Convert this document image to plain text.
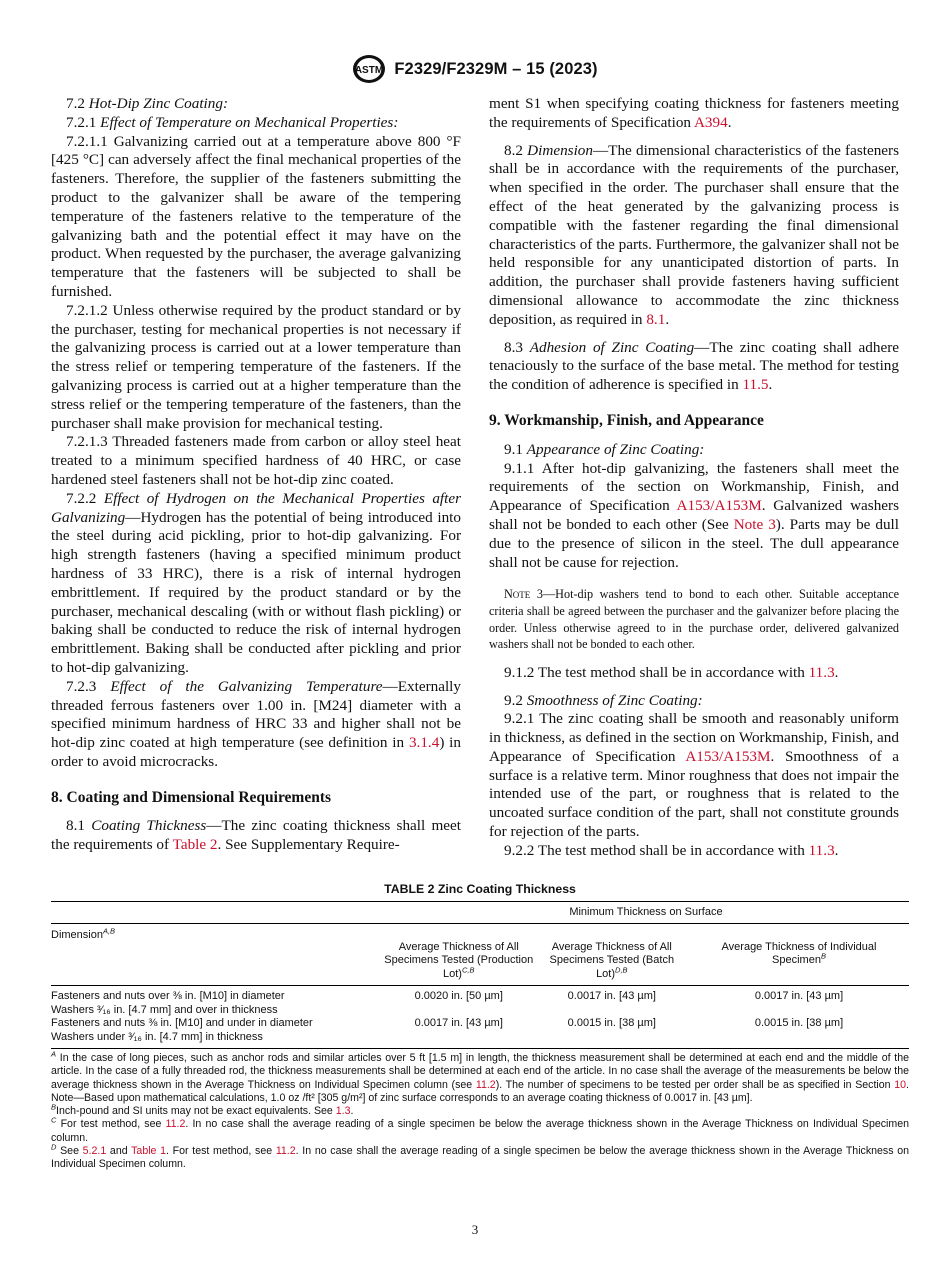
ASTM F2329/F2329M – 15 (2023)

7.2 Hot-Dip Zinc Coating:

7.2.1 Effect of Temperature on Mechanical Properties:

7.2.1.1 Galvanizing carried out at a temperature above 800 °F [425 °C] can adversely affect the final mechanical properties of the fasteners. Therefore, the supplier of the fasteners submitting the product to the galvanizer shall be aware of the tempering temperature of the fasteners relative to the temperature of the galvanizing bath and the potential effect it may have on the product. When requested by the purchaser, the average galvanizing temperature that the fasteners will be subjected to shall be furnished.

7.2.1.2 Unless otherwise required by the product standard or by the purchaser, testing for mechanical properties is not necessary if the galvanizing process is carried out at a lower temperature than the stress relief or tempering temperature of the fasteners. If the galvanizing process is carried out at a higher temperature than the stress relief or the tempering temperature of the fasteners, than the purchaser shall make provision for mechanical testing.

7.2.1.3 Threaded fasteners made from carbon or alloy steel heat treated to a minimum specified hardness of 40 HRC, or case hardened steel fasteners shall not be hot-dip zinc coated.

7.2.2 Effect of Hydrogen on the Mechanical Properties after Galvanizing—Hydrogen has the potential of being introduced into the steel during acid pickling, prior to hot-dip galvanizing. For high strength fasteners (having a specified minimum product hardness of 33 HRC), there is a risk of internal hydrogen embrittlement. If required by the product standard or by the purchaser, mechanical descaling (with or without flash pickling) or baking shall be conducted to reduce the risk of internal hydrogen embrittlement. Baking shall be conducted after pickling and prior to hot-dip galvanizing.

7.2.3 Effect of the Galvanizing Temperature—Externally threaded ferrous fasteners over 1.00 in. [M24] diameter with a specified minimum hardness of HRC 33 and higher shall not be hot-dip zinc coated at high temperature (see definition in 3.1.4) in order to avoid microcracks.

8. Coating and Dimensional Requirements

8.1 Coating Thickness—The zinc coating thickness shall meet the requirements of Table 2. See Supplementary Require-

ment S1 when specifying coating thickness for fasteners meeting the requirements of Specification A394.

8.2 Dimension—The dimensional characteristics of the fasteners shall be in accordance with the requirements of the purchaser, when specified in the order. The purchaser shall ensure that the effect of the heat generated by the galvanizing process is compatible with the fastener regarding the final dimensional characteristics of the parts. Furthermore, the galvanizer shall not be held responsible for any unanticipated distortion of parts. In addition, the purchaser shall provide fasteners having sufficient dimensional allowance to accommodate the zinc thickness deposition, as required in 8.1.

8.3 Adhesion of Zinc Coating—The zinc coating shall adhere tenaciously to the surface of the base metal. The method for testing the condition of adherence is specified in 11.5.

9. Workmanship, Finish, and Appearance

9.1 Appearance of Zinc Coating:

9.1.1 After hot-dip galvanizing, the fasteners shall meet the requirements of the section on Workmanship, Finish, and Appearance of Specification A153/A153M. Galvanized washers shall not be bonded to each other (See Note 3). Parts may be dull due to the presence of silicon in the steel. The dull appearance shall not be cause for rejection.

Note 3—Hot-dip washers tend to bond to each other. Suitable acceptance criteria shall be agreed between the purchaser and the galvanizer before placing the order. Unless otherwise agreed to in the purchase order, delivered galvanized washers shall not be bonded to each other.

9.1.2 The test method shall be in accordance with 11.3.

9.2 Smoothness of Zinc Coating:

9.2.1 The zinc coating shall be smooth and reasonably uniform in thickness, as defined in the section on Workmanship, Finish, and Appearance of Specification A153/A153M. Smoothness of a surface is a relative term. Minor roughness that does not impair the intended use of the part, or roughness that is related to the uncoated surface condition of the part, shall not constitute grounds for rejection of the parts.

9.2.2 The test method shall be in accordance with 11.3.

TABLE 2 Zinc Coating Thickness
	Minimum Thickness on Surface		
Dimension$^{A,B}$	Average Thickness of All Specimens Tested (Production Lot)$^{C,B}$	Average Thickness of All Specimens Tested (Batch Lot)$^{D,B}$	Average Thickness of Individual Specimen$^B$

Fasteners and nuts over ⅜ in. [M10] in diameter
Washers ³⁄₁₆ in. [4.7 mm] and over in thickness	0.0020 in. [50 µm]	0.0017 in. [43 µm]	0.0017 in. [43 µm]

Fasteners and nuts ⅜ in. [M10] and under in diameter
Washers under ³⁄₁₆ in. [4.7 mm] in thickness	0.0017 in. [43 µm]	0.0015 in. [38 µm]	0.0015 in. [38 µm]

$^A$ In the case of long pieces, such as anchor rods and similar articles over 5 ft [1.5 m] in length, the thickness measurement shall be determined at each end and the middle of the article. In the case of a fully threaded rod, the thickness measurements shall be determined at each end of the article. In no case shall the average of the measurements be below the average thickness shown in the Average Thickness on Individual Specimen column (see 11.2). The number of specimens to be tested per order shall be as specified in Section 10. Note—Based upon mathematical calculations, 1.0 oz /ft² [305 g/m²] of zinc surface corresponds to an average coating thickness of 0.0017 in. [43 µm].

$^B$Inch-pound and SI units may not be exact equivalents. See 1.3.

$^C$ For test method, see 11.2. In no case shall the average reading of a single specimen be below the average thickness shown in the Average Thickness on Individual Specimen column.

$^D$ See 5.2.1 and Table 1. For test method, see 11.2. In no case shall the average reading of a single specimen be below the average thickness shown in the Average Thickness on Individual Specimen column.

3
